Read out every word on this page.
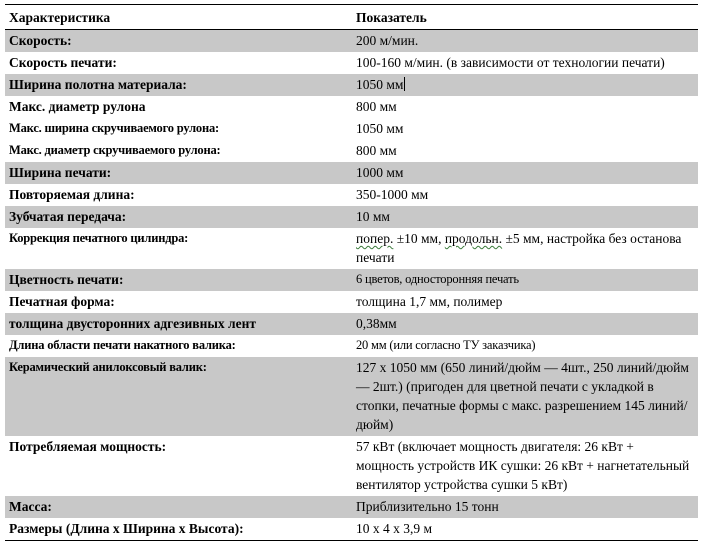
Характеристика	Показатель
Скорость:	200 м/мин.
Скорость печати:	100-160 м/мин. (в зависимости от технологии печати)
Ширина полотна материала:	1050 мм
Макс. диаметр рулона	800 мм
Макс. ширина скручиваемого рулона:	1050 мм
Макс. диаметр скручиваемого рулона:	800 мм
Ширина печати:	1000 мм
Повторяемая длина:	350-1000 мм
Зубчатая передача:	10 мм
Коррекция печатного цилиндра:	попер. ±10 мм, продольн. ±5 мм, настройка без останова печати
Цветность печати:	6 цветов, односторонняя печать
Печатная форма:	толщина 1,7 мм, полимер
толщина двусторонних адгезивных лент	0,38мм
Длина области печати накатного валика:	20 мм (или согласно ТУ заказчика)
Керамический анилоксовый валик:	127 х 1050 мм (650 линий/дюйм — 4шт., 250 линий/дюйм — 2шт.) (пригоден для цветной печати с укладкой в стопки, печатные формы с макс. разрешением 145 линий/дюйм)
Потребляемая мощность:	57 кВт (включает мощность двигателя: 26 кВт + мощность устройств ИК сушки: 26 кВт + нагнетательный вентилятор устройства сушки 5 кВт)
Масса:	Приблизительно 15 тонн
Размеры (Длина х Ширина х Высота):	10 х 4 х 3,9 м
